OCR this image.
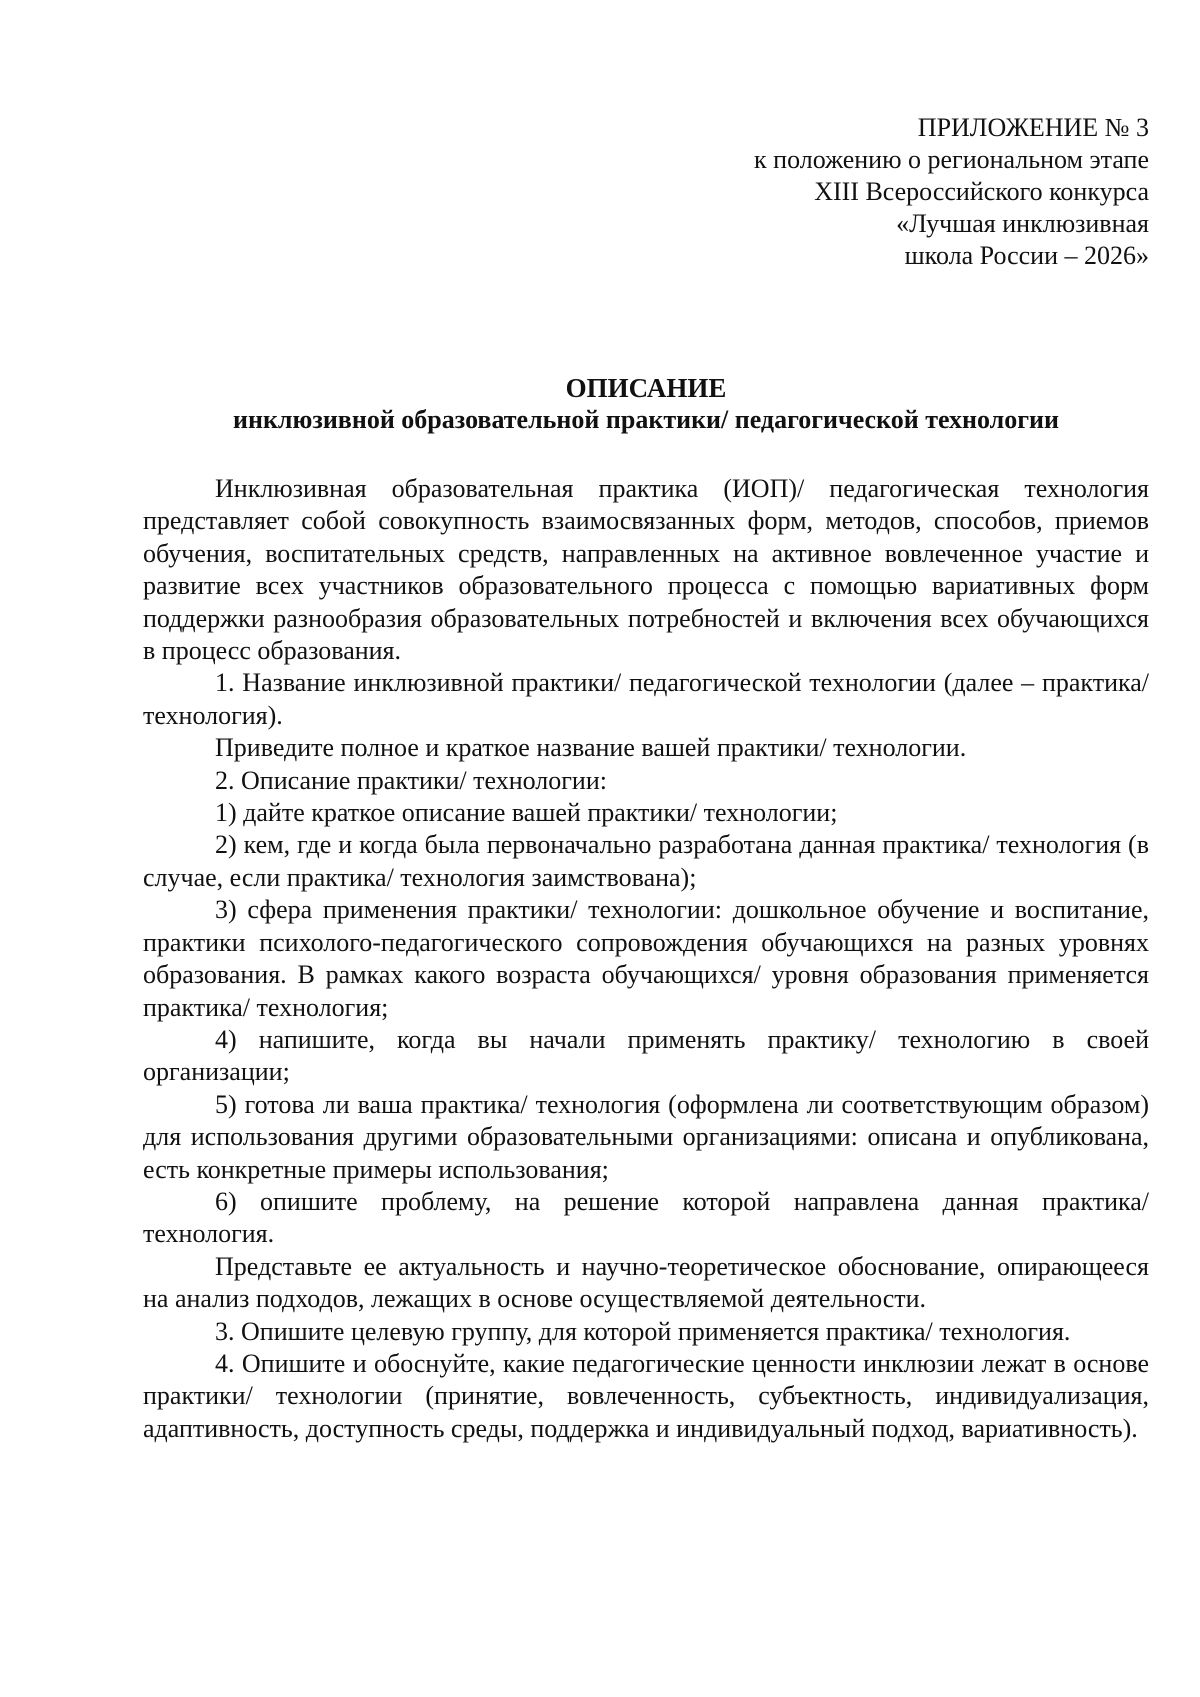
ПРИЛОЖЕНИЕ № 3
к положению о региональном этапе
XIII Всероссийского конкурса
«Лучшая инклюзивная
школа России – 2026»
ОПИСАНИЕ
инклюзивной образовательной практики/ педагогической технологии

Инклюзивная образовательная практика (ИОП)/ педагогическая технология представляет собой совокупность взаимосвязанных форм, методов, способов, приемов обучения, воспитательных средств, направленных на активное вовлеченное участие и развитие всех участников образовательного процесса с помощью вариативных форм поддержки разнообразия образовательных потребностей и включения всех обучающихся в процесс образования.

1. Название инклюзивной практики/ педагогической технологии (далее – практика/ технология).

Приведите полное и краткое название вашей практики/ технологии.

2. Описание практики/ технологии:

1) дайте краткое описание вашей практики/ технологии;

2) кем, где и когда была первоначально разработана данная практика/ технология (в случае, если практика/ технология заимствована);

3) сфера применения практики/ технологии: дошкольное обучение и воспитание, практики психолого-педагогического сопровождения обучающихся на разных уровнях образования. В рамках какого возраста обучающихся/ уровня образования применяется практика/ технология;

4) напишите, когда вы начали применять практику/ технологию в своей организации;

5) готова ли ваша практика/ технология (оформлена ли соответствующим образом) для использования другими образовательными организациями: описана и опубликована, есть конкретные примеры использования;

6) опишите проблему, на решение которой направлена данная практика/ технология.

Представьте ее актуальность и научно-теоретическое обоснование, опирающееся на анализ подходов, лежащих в основе осуществляемой деятельности.

3. Опишите целевую группу, для которой применяется практика/ технология.

4. Опишите и обоснуйте, какие педагогические ценности инклюзии лежат в основе практики/ технологии (принятие, вовлеченность, субъектность, индивидуализация, адаптивность, доступность среды, поддержка и индивидуальный подход, вариативность).
